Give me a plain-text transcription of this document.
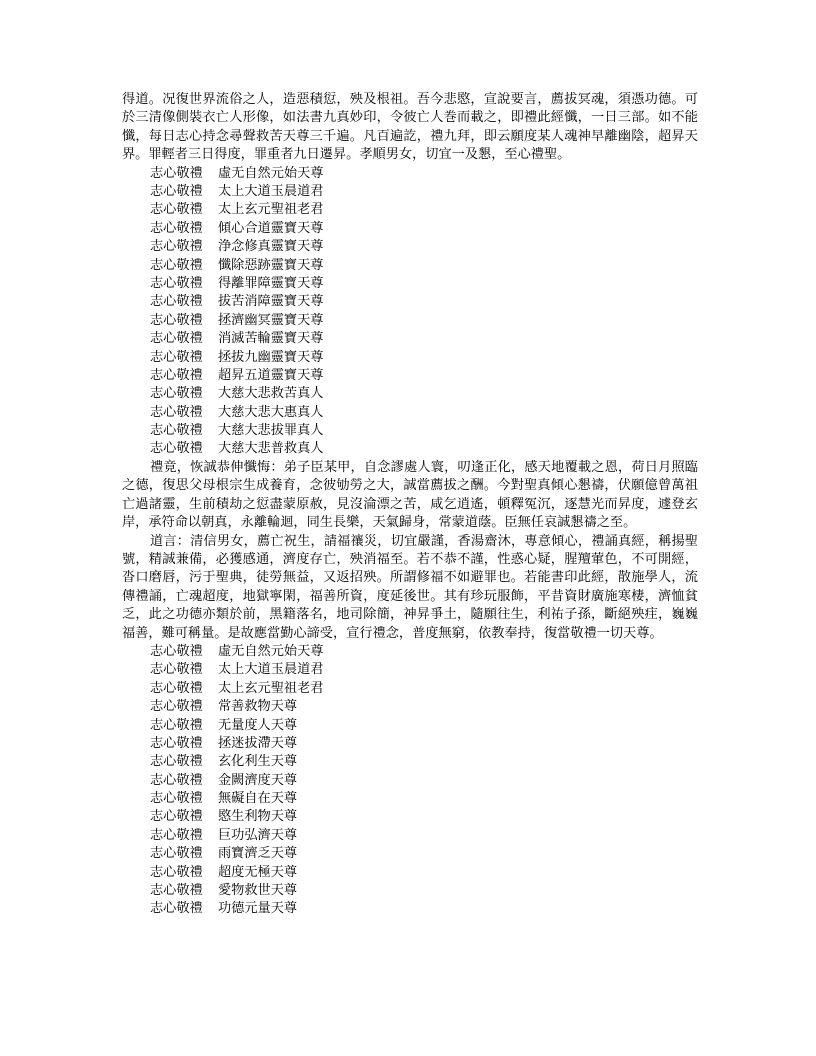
得道。况復世界流俗之人，造惡積愆，殃及根祖。吾今悲愍，宣說要言，薦拔冥魂，須憑功德。可於三清像側裝衣亡人形像，如法書九真妙印，令彼亡人巻而載之，即禮此經懺，一日三部。如不能懺，每日志心持念尋聲救苦天尊三千遍。凡百遍訖，禮九拜，即云願度某人魂神早離幽陰，超昇天界。罪輕者三日得度，罪重者九日遷昇。孝順男女，切宜一及懇，至心禮聖。

志心敬禮 虛无自然元始天尊
志心敬禮 太上大道玉晨道君
志心敬禮 太上玄元聖祖老君
志心敬禮 傾心合道靈寶天尊
志心敬禮 浄念修真靈寶天尊
志心敬禮 懺除惡跡靈寶天尊
志心敬禮 得離罪障靈寶天尊
志心敬禮 拔苦消障靈寶天尊
志心敬禮 拯濟幽冥靈寶天尊
志心敬禮 消滅苦輪靈寶天尊
志心敬禮 拯拔九幽靈寶天尊
志心敬禮 超昇五道靈寶天尊
志心敬禮 大慈大悲救苦真人
志心敬禮 大慈大悲大惠真人
志心敬禮 大慈大悲拔罪真人
志心敬禮 大慈大悲普救真人

禮竟，恢誠恭伸懺悔：弟子臣某甲，自念謬處人寰，叨逢正化，感天地覆載之恩，荷日月照臨之德，復思父母根宗生成養育，念彼劬勞之大，誠當薦拔之酬。今對聖真傾心懇禱，伏願億曾萬祖亡過諸靈，生前積劫之愆盡蒙原赦，見沒淪漂之苦，咸乞逍遙，頓釋冤沉，逐慧光而昇度，遽登玄岸，承符命以朝真，永離輪迴，同生長樂，天氣歸身，常蒙道蔭。臣無任哀誠懇禱之至。

道言：清信男女，薦亡祝生，請福禳災，切宜嚴謹，香湯齋沐，專意傾心，禮誦真經，稱揚聖號，精誠兼備，必獲感通，濟度存亡，殃消福至。若不恭不謹，性惑心疑，腥羶葷色，不可開經，沓口磨唇，污于聖典，徒勞無益，又返招殃。所謂修福不如避罪也。若能書印此經，散施學人，流傳禮誦，亡魂超度，地獄寧閑，福善所資，度延後世。其有珍玩服飾，平昔資財廣施寒棲，濟恤貧乏，此之功德亦類於前，黑籍落名，地司除簡，神昇爭土，隨願往生，利祐子孫，斷絕殃疰，巍巍福善，難可稱量。是故應當勤心諦受，宣行禮念，普度無窮，依教奉持，復當敬禮一切天尊。

志心敬禮 虛无自然元始天尊
志心敬禮 太上大道玉晨道君
志心敬禮 太上玄元聖祖老君
志心敬禮 常善救物天尊
志心敬禮 无量度人天尊
志心敬禮 拯迷拔滯天尊
志心敬禮 玄化利生天尊
志心敬禮 金闕濟度天尊
志心敬禮 無礙自在天尊
志心敬禮 愍生利物天尊
志心敬禮 巨功弘濟天尊
志心敬禮 雨寶濟乏天尊
志心敬禮 超度无極天尊
志心敬禮 愛物救世天尊
志心敬禮 功德元量天尊
